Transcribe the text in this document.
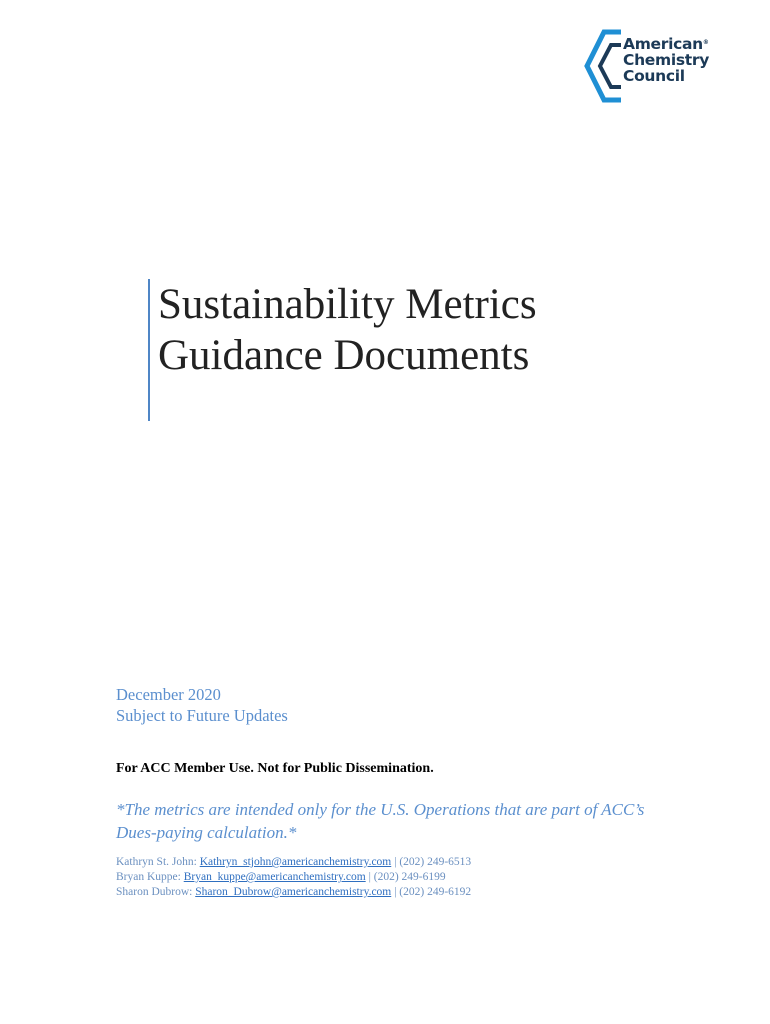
American®
Chemistry
Council
Sustainability Metrics
Guidance Documents
December 2020
Subject to Future Updates
For ACC Member Use. Not for Public Dissemination.
*The metrics are intended only for the U.S. Operations that are part of ACC’s Dues-paying calculation.*
Kathryn St. John: Kathryn_stjohn@americanchemistry.com | (202) 249-6513
Bryan Kuppe: Bryan_kuppe@americanchemistry.com | (202) 249-6199
Sharon Dubrow: Sharon_Dubrow@americanchemistry.com | (202) 249-6192
